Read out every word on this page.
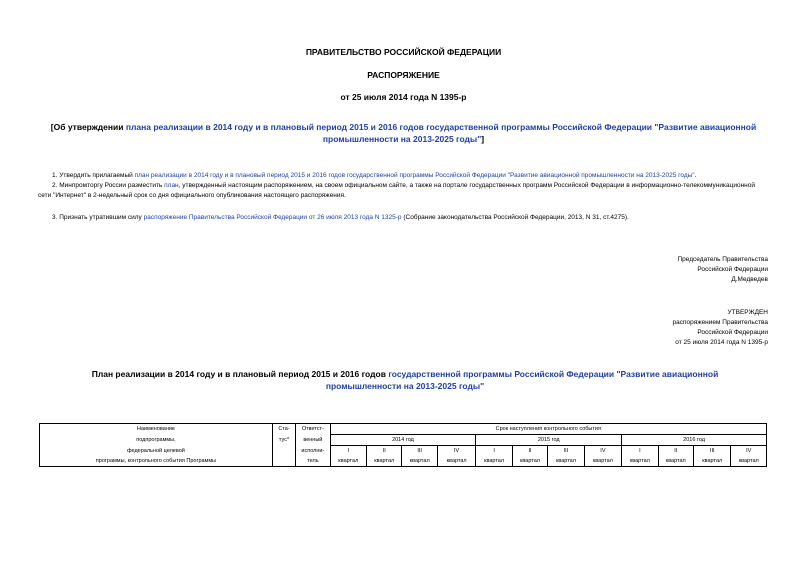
ПРАВИТЕЛЬСТВО РОССИЙСКОЙ ФЕДЕРАЦИИ
РАСПОРЯЖЕНИЕ
от 25 июля 2014 года N 1395-р
[Об утверждении плана реализации в 2014 году и в плановый период 2015 и 2016 годов государственной программы Российской Федерации "Развитие авиационной промышленности на 2013-2025 годы"]

1. Утвердить прилагаемый план реализации в 2014 году и в плановый период 2015 и 2016 годов государственной программы Российской Федерации "Развитие авиационной промышленности на 2013-2025 годы".

2. Минпромторгу России разместить план, утвержденный настоящим распоряжением, на своем официальном сайте, а также на портале государственных программ Российской Федерации в информационно-телекоммуникационной сети "Интернет" в 2-недельный срок со дня официального опубликования настоящего распоряжения.

3. Признать утратившим силу распоряжение Правительства Российской Федерации от 26 июля 2013 года N 1325-р (Собрание законодательства Российской Федерации, 2013, N 31, ст.4275).

Председатель Правительства
Российской Федерации
Д.Медведев
УТВЕРЖДЕН
распоряжением Правительства
Российской Федерации
от 25 июля 2014 года N 1395-р
План реализации в 2014 году и в плановый период 2015 и 2016 годов государственной программы Российской Федерации "Развитие авиационной промышленности на 2013-2025 годы"
Наименование	Ста-	Ответст-	Срок наступления контрольного события											
подпрограммы,	тус*	венный	2014 год				2015 год				2016 год			
федеральной целевой		исполни-	I	II	III	IV	I	II	III	IV	I	II	III	IV
программы, контрольного события Программы		тель	квартал	квартал	квартал	квартал	квартал	квартал	квартал	квартал	квартал	квартал	квартал	квартал
